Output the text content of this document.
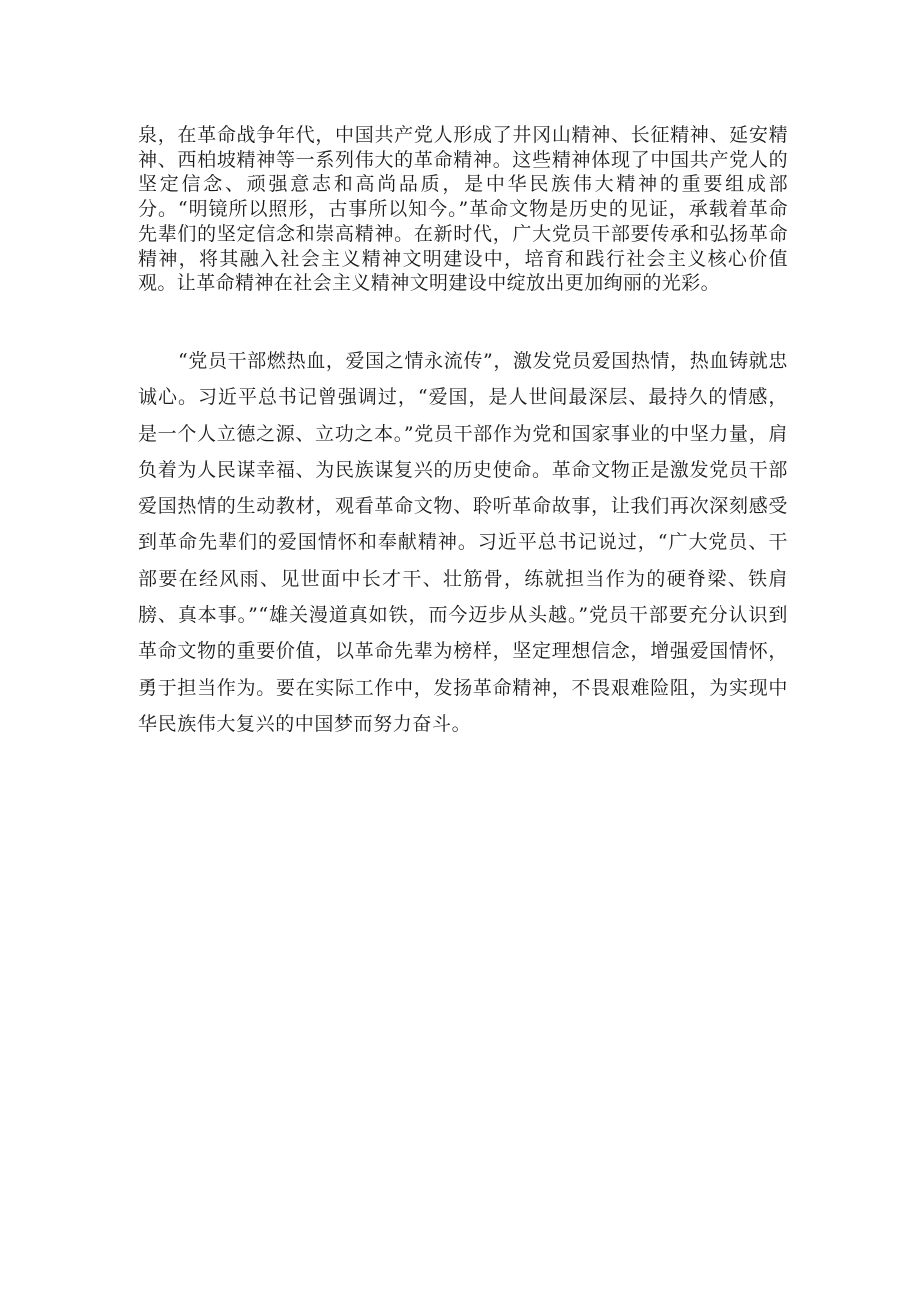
泉，在革命战争年代，中国共产党人形成了井冈山精神、长征精神、延安精神、西柏坡精神等一系列伟大的革命精神。这些精神体现了中国共产党人的坚定信念、顽强意志和高尚品质，是中华民族伟大精神的重要组成部分。“明镜所以照形，古事所以知今。”革命文物是历史的见证，承载着革命先辈们的坚定信念和崇高精神。在新时代，广大党员干部要传承和弘扬革命精神，将其融入社会主义精神文明建设中，培育和践行社会主义核心价值观。让革命精神在社会主义精神文明建设中绽放出更加绚丽的光彩。

“党员干部燃热血，爱国之情永流传”，激发党员爱国热情，热血铸就忠诚心。习近平总书记曾强调过，“爱国，是人世间最深层、最持久的情感，是一个人立德之源、立功之本。”党员干部作为党和国家事业的中坚力量，肩负着为人民谋幸福、为民族谋复兴的历史使命。革命文物正是激发党员干部爱国热情的生动教材，观看革命文物、聆听革命故事，让我们再次深刻感受到革命先辈们的爱国情怀和奉献精神。习近平总书记说过，“广大党员、干部要在经风雨、见世面中长才干、壮筋骨，练就担当作为的硬脊梁、铁肩膀、真本事。”“雄关漫道真如铁，而今迈步从头越。”党员干部要充分认识到革命文物的重要价值，以革命先辈为榜样，坚定理想信念，增强爱国情怀，勇于担当作为。要在实际工作中，发扬革命精神，不畏艰难险阻，为实现中华民族伟大复兴的中国梦而努力奋斗。
